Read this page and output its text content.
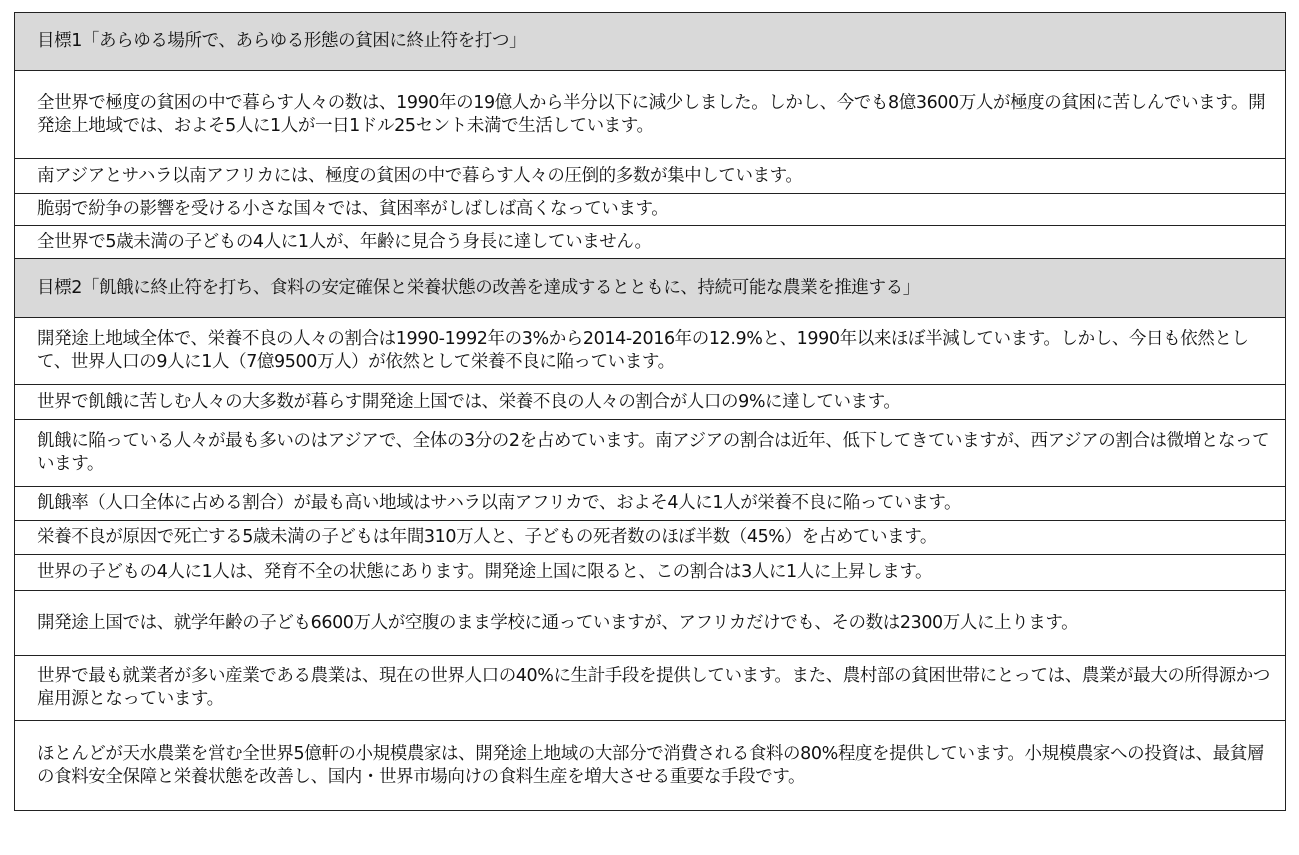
目標1「あらゆる場所で、あらゆる形態の貧困に終止符を打つ」
全世界で極度の貧困の中で暮らす人々の数は、1990年の19億人から半分以下に減少しました。しかし、今でも8億3600万人が極度の貧困に苦しんでいます。開発途上地域では、およそ5人に1人が一日1ドル25セント未満で生活しています。
南アジアとサハラ以南アフリカには、極度の貧困の中で暮らす人々の圧倒的多数が集中しています。
脆弱で紛争の影響を受ける小さな国々では、貧困率がしばしば高くなっています。
全世界で5歳未満の子どもの4人に1人が、年齢に見合う身長に達していません。
目標2「飢餓に終止符を打ち、食料の安定確保と栄養状態の改善を達成するとともに、持続可能な農業を推進する」
開発途上地域全体で、栄養不良の人々の割合は1990-1992年の3%から2014-2016年の12.9%と、1990年以来ほぼ半減しています。しかし、今日も依然として、世界人口の9人に1人（7億9500万人）が依然として栄養不良に陥っています。
世界で飢餓に苦しむ人々の大多数が暮らす開発途上国では、栄養不良の人々の割合が人口の9%に達しています。
飢餓に陥っている人々が最も多いのはアジアで、全体の3分の2を占めています。南アジアの割合は近年、低下してきていますが、西アジアの割合は微増となっています。
飢餓率（人口全体に占める割合）が最も高い地域はサハラ以南アフリカで、およそ4人に1人が栄養不良に陥っています。
栄養不良が原因で死亡する5歳未満の子どもは年間310万人と、子どもの死者数のほぼ半数（45%）を占めています。
世界の子どもの4人に1人は、発育不全の状態にあります。開発途上国に限ると、この割合は3人に1人に上昇します。
開発途上国では、就学年齢の子ども6600万人が空腹のまま学校に通っていますが、アフリカだけでも、その数は2300万人に上ります。
世界で最も就業者が多い産業である農業は、現在の世界人口の40%に生計手段を提供しています。また、農村部の貧困世帯にとっては、農業が最大の所得源かつ雇用源となっています。
ほとんどが天水農業を営む全世界5億軒の小規模農家は、開発途上地域の大部分で消費される食料の80%程度を提供しています。小規模農家への投資は、最貧層の食料安全保障と栄養状態を改善し、国内・世界市場向けの食料生産を増大させる重要な手段です。
